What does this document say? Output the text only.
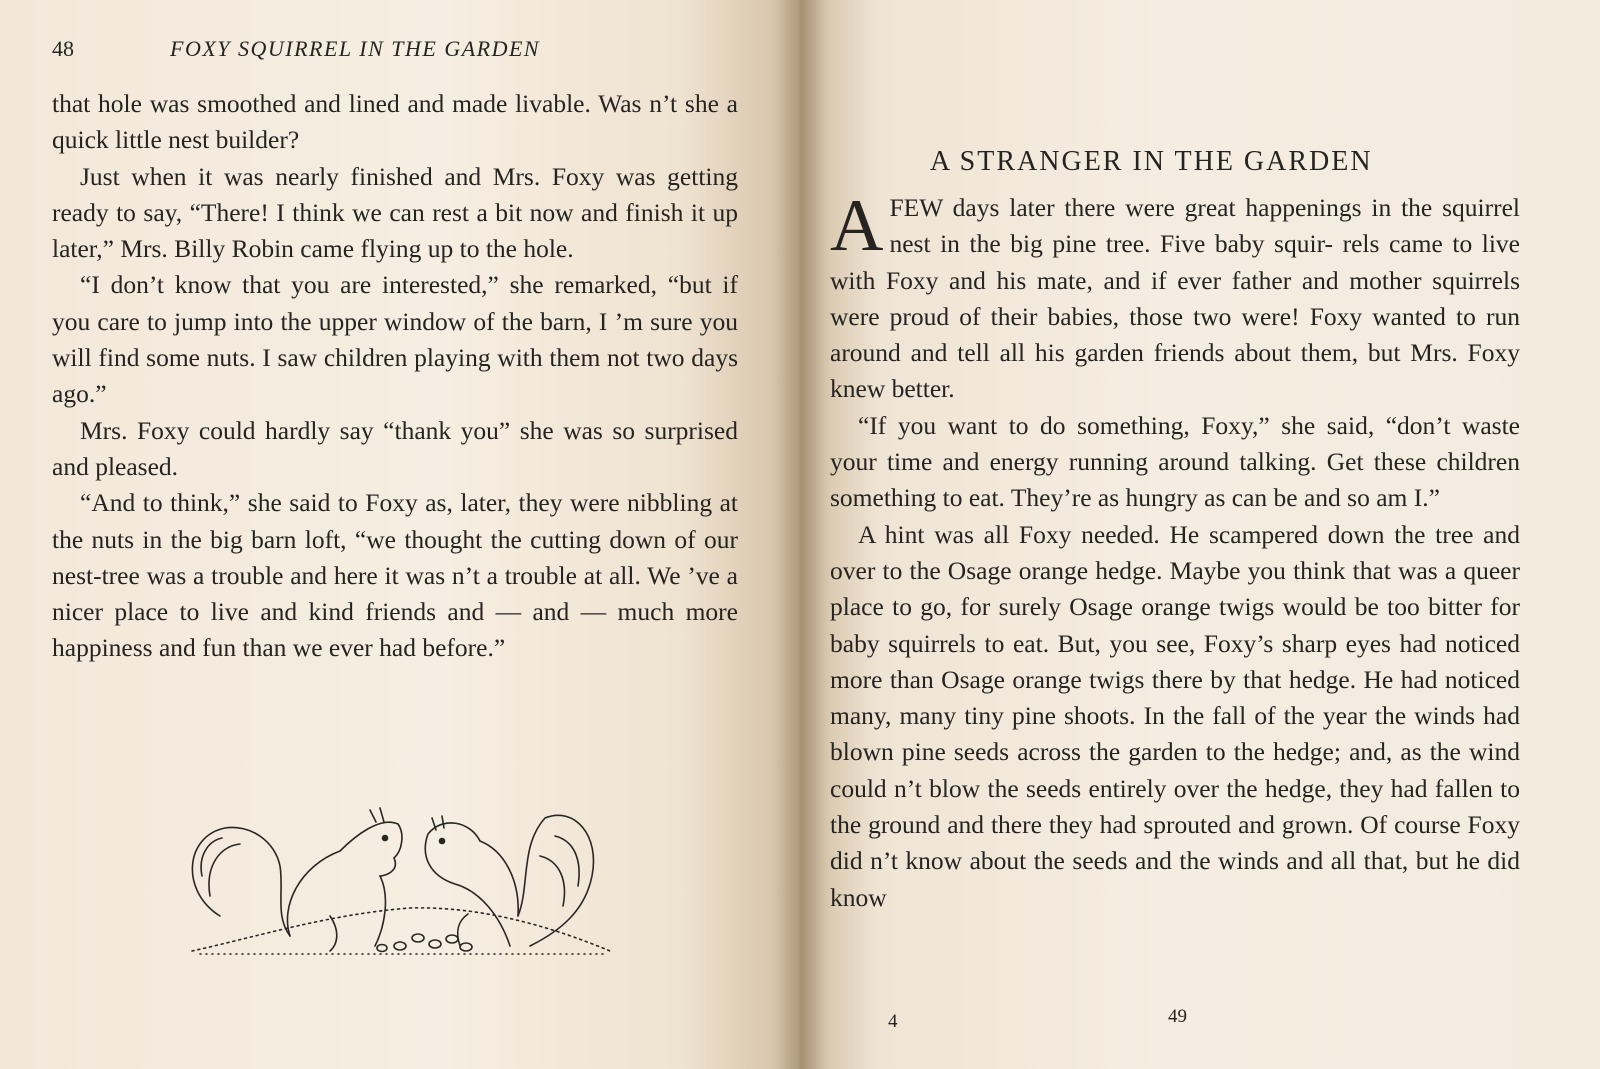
48	FOXY SQUIRREL IN THE GARDEN

that hole was smoothed and lined and made livable. Was n’t she a quick little nest builder?

Just when it was nearly finished and Mrs. Foxy was getting ready to say, “There! I think we can rest a bit now and finish it up later,” Mrs. Billy Robin came flying up to the hole.

“I don’t know that you are interested,” she remarked, “but if you care to jump into the upper window of the barn, I ’m sure you will find some nuts. I saw children playing with them not two days ago.”

Mrs. Foxy could hardly say “thank you” she was so surprised and pleased.

“And to think,” she said to Foxy as, later, they were nibbling at the nuts in the big barn loft, “we thought the cutting down of our nest-tree was a trouble and here it was n’t a trouble at all. We ’ve a nicer place to live and kind friends and — and — much more happiness and fun than we ever had before.”

A STRANGER IN THE GARDEN

AFEW days later there were great happenings in the squirrel nest in the big pine tree. Five baby squir- rels came to live with Foxy and his mate, and if ever father and mother squirrels were proud of their babies, those two were! Foxy wanted to run around and tell all his garden friends about them, but Mrs. Foxy knew better.

“If you want to do something, Foxy,” she said, “don’t waste your time and energy running around talking. Get these children something to eat. They’re as hungry as can be and so am I.”

A hint was all Foxy needed. He scampered down the tree and over to the Osage orange hedge. Maybe you think that was a queer place to go, for surely Osage orange twigs would be too bitter for baby squirrels to eat. But, you see, Foxy’s sharp eyes had noticed more than Osage orange twigs there by that hedge. He had noticed many, many tiny pine shoots. In the fall of the year the winds had blown pine seeds across the garden to the hedge; and, as the wind could n’t blow the seeds entirely over the hedge, they had fallen to the ground and there they had sprouted and grown. Of course Foxy did n’t know about the seeds and the winds and all that, but he did know

4	49
